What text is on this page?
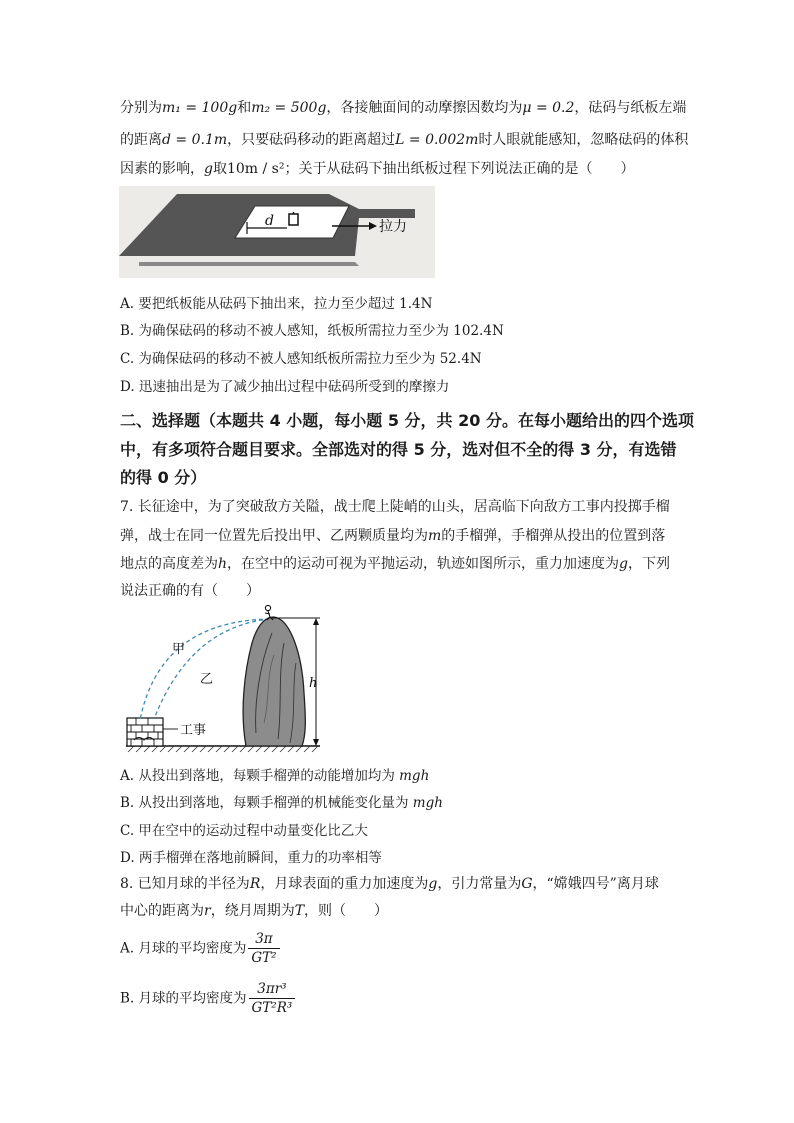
分别为m₁ = 100g和m₂ = 500g，各接触面间的动摩擦因数均为μ = 0.2，砝码与纸板左端
的距离d = 0.1m，只要砝码移动的距离超过L = 0.002m时人眼就能感知，忽略砝码的体积
因素的影响，g取10m / s²；关于从砝码下抽出纸板过程下列说法正确的是（　　）
d	拉力
A. 要把纸板能从砝码下抽出来，拉力至少超过 1.4N
B. 为确保砝码的移动不被人感知，纸板所需拉力至少为 102.4N
C. 为确保砝码的移动不被人感知纸板所需拉力至少为 52.4N
D. 迅速抽出是为了减少抽出过程中砝码所受到的摩擦力
二、选择题（本题共 4 小题，每小题 5 分，共 20 分。在每小题给出的四个选项
中，有多项符合题目要求。全部选对的得 5 分，选对但不全的得 3 分，有选错
的得 0 分）
7. 长征途中，为了突破敌方关隘，战士爬上陡峭的山头，居高临下向敌方工事内投掷手榴
弹，战士在同一位置先后投出甲、乙两颗质量均为m的手榴弹，手榴弹从投出的位置到落
地点的高度差为h，在空中的运动可视为平抛运动，轨迹如图所示，重力加速度为g，下列
说法正确的有（　　）
甲
乙	h
工事
A. 从投出到落地，每颗手榴弹的动能增加均为 mgh
B. 从投出到落地，每颗手榴弹的机械能变化量为 mgh
C. 甲在空中的运动过程中动量变化比乙大
D. 两手榴弹在落地前瞬间，重力的功率相等
8. 已知月球的半径为R，月球表面的重力加速度为g，引力常量为G，“嫦娥四号”离月球
中心的距离为r，绕月周期为T，则（　　）
A. 月球的平均密度为 $\frac{3\pi}{\text{GT²}}$
B. 月球的平均密度为 $\frac{\text{3πr³}}{\text{GT²R³}}$
